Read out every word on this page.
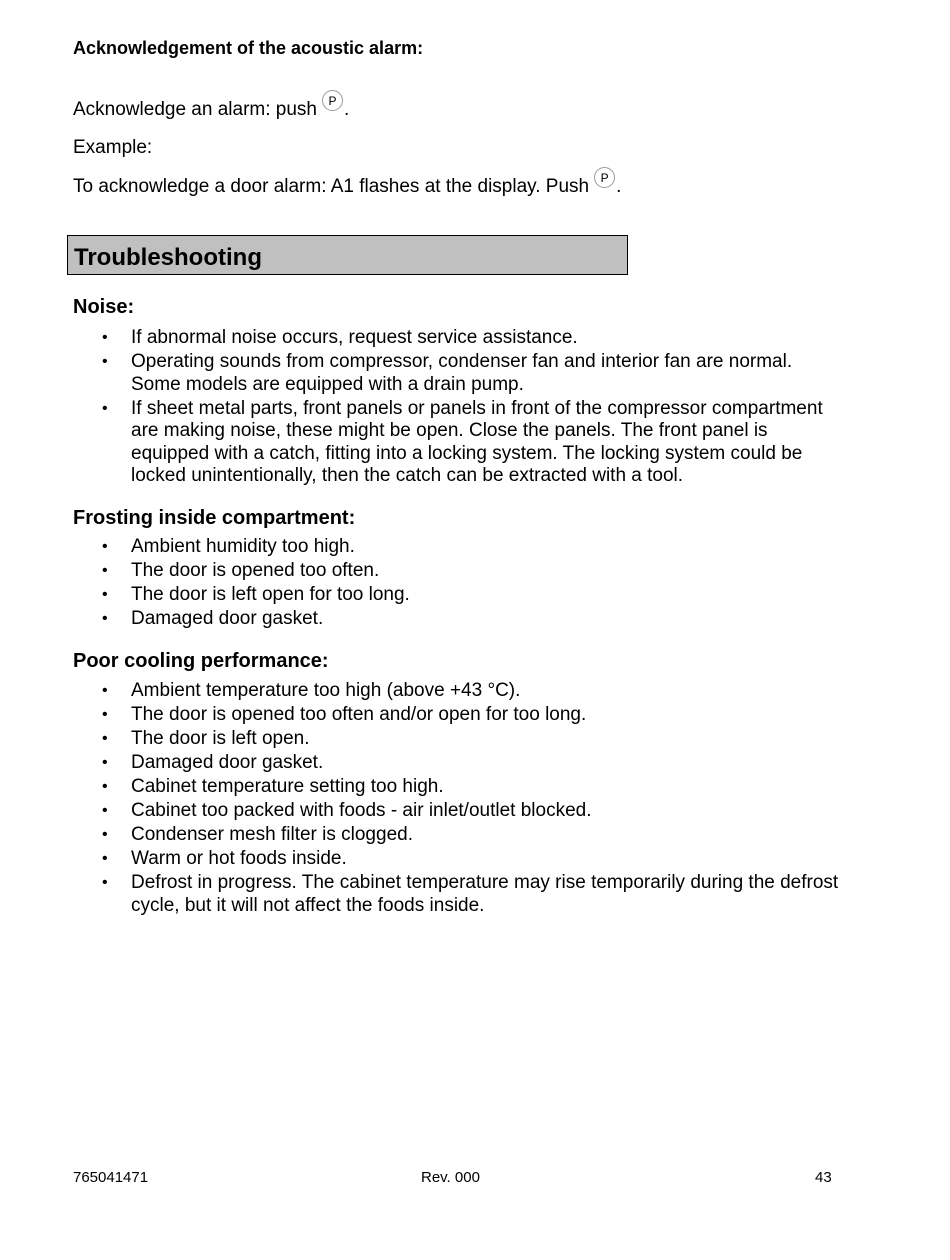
Acknowledgement of the acoustic alarm:

Acknowledge an alarm: push P .

Example:

To acknowledge a door alarm: A1 flashes at the display. Push P .

Troubleshooting
Noise:
• If abnormal noise occurs, request service assistance.
• Operating sounds from compressor, condenser fan and interior fan are normal. Some models are equipped with a drain pump.
• If sheet metal parts, front panels or panels in front of the compressor compartment are making noise, these might be open. Close the panels. The front panel is equipped with a catch, fitting into a locking system. The locking system could be locked unintentionally, then the catch can be extracted with a tool.
Frosting inside compartment:
• Ambient humidity too high.
• The door is opened too often.
• The door is left open for too long.
• Damaged door gasket.
Poor cooling performance:
• Ambient temperature too high (above +43 °C).
• The door is opened too often and/or open for too long.
• The door is left open.
• Damaged door gasket.
• Cabinet temperature setting too high.
• Cabinet too packed with foods - air inlet/outlet blocked.
• Condenser mesh filter is clogged.
• Warm or hot foods inside.
• Defrost in progress. The cabinet temperature may rise temporarily during the defrost cycle, but it will not affect the foods inside.

765041471	Rev. 000	43
